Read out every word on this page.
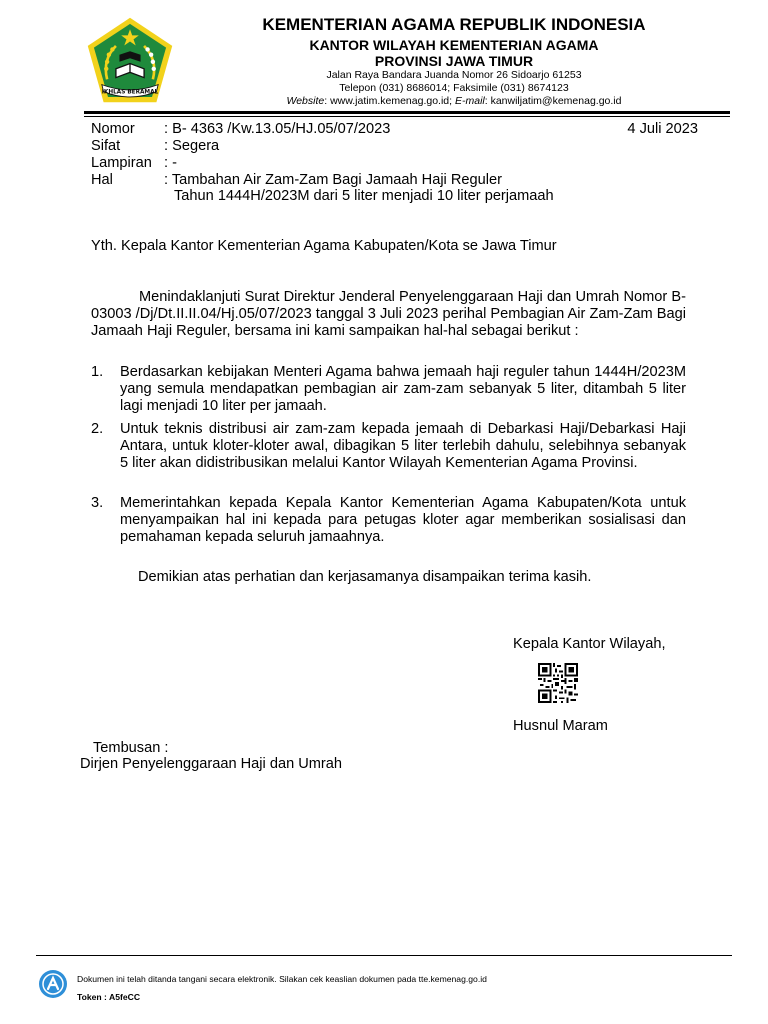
IKHLAS BERAMAL
KEMENTERIAN AGAMA REPUBLIK INDONESIA
KANTOR WILAYAH KEMENTERIAN AGAMA
PROVINSI JAWA TIMUR
Jalan Raya Bandara Juanda Nomor 26 Sidoarjo 61253
Telepon (031) 8686014; Faksimile (031) 8674123
Website: www.jatim.kemenag.go.id; E-mail: kanwiljatim@kemenag.go.id
Nomor : B- 4363 /Kw.13.05/HJ.05/07/2023	4 Juli 2023
Sifat	: Segera
Lampiran : -
Hal	: Tambahan Air Zam-Zam Bagi Jamaah Haji Reguler
Tahun 1444H/2023M dari 5 liter menjadi 10 liter perjamaah
Yth. Kepala Kantor Kementerian Agama Kabupaten/Kota se Jawa Timur
Menindaklanjuti Surat Direktur Jenderal Penyelenggaraan Haji dan Umrah Nomor B-03003 /Dj/Dt.II.II.04/Hj.05/07/2023 tanggal 3 Juli 2023 perihal Pembagian Air Zam-Zam Bagi Jamaah Haji Reguler, bersama ini kami sampaikan hal-hal sebagai berikut :
1. Berdasarkan kebijakan Menteri Agama bahwa jemaah haji reguler tahun 1444H/2023M yang semula mendapatkan pembagian air zam-zam sebanyak 5 liter, ditambah 5 liter lagi menjadi 10 liter per jamaah.
2. Untuk teknis distribusi air zam-zam kepada jemaah di Debarkasi Haji/Debarkasi Haji Antara, untuk kloter-kloter awal, dibagikan 5 liter terlebih dahulu, selebihnya sebanyak 5 liter akan didistribusikan melalui Kantor Wilayah Kementerian Agama Provinsi.
3. Memerintahkan kepada Kepala Kantor Kementerian Agama Kabupaten/Kota untuk menyampaikan hal ini kepada para petugas kloter agar memberikan sosialisasi dan pemahaman kepada seluruh jamaahnya.
Demikian atas perhatian dan kerjasamanya disampaikan terima kasih.
Kepala Kantor Wilayah,
Husnul Maram
Tembusan :
Dirjen Penyelenggaraan Haji dan Umrah
Dokumen ini telah ditanda tangani secara elektronik. Silakan cek keaslian dokumen pada tte.kemenag.go.id
Token : A5feCC
